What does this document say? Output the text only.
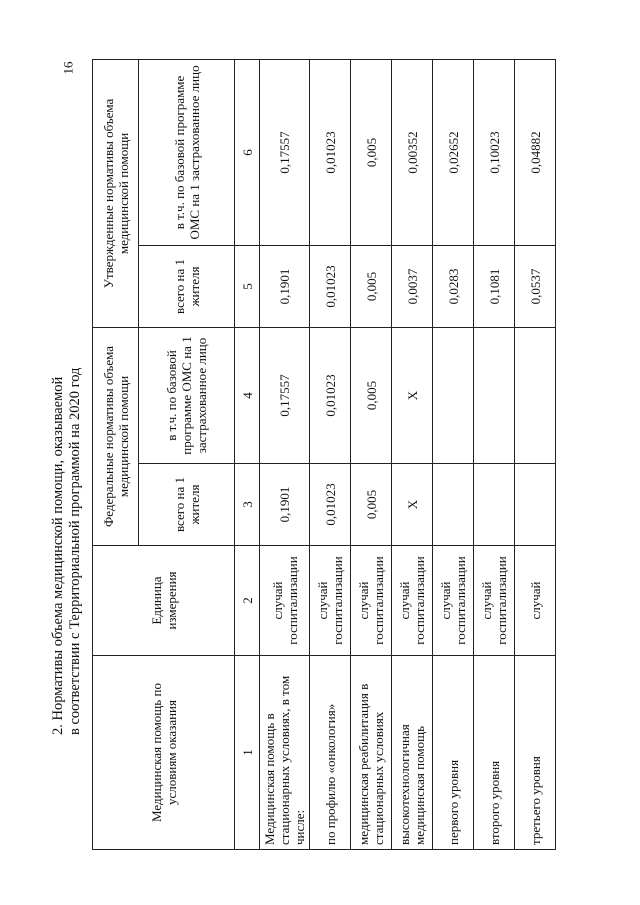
16
2. Нормативы объема медицинской помощи, оказываемой в соответствии с Территориальной программой на 2020 год
Медицинская помощь по условиям оказания	Единица измерения	Федеральные нормативы объема медицинской помощи		Утвержденные нормативы объема медицинской помощи	
		всего на 1 жителя	в т.ч. по базовой программе ОМС на 1 застрахованное лицо	всего на 1 жителя	в т.ч. по базовой программе ОМС на 1 застрахованное лицо
1	2	3	4	5	6
Медицинская помощь в стационарных условиях, в том числе:	случай госпитализации	0,1901	0,17557	0,1901	0,17557
по профилю «онкология»	случай госпитализации	0,01023	0,01023	0,01023	0,01023
медицинская реабилитация в стационарных условиях	случай госпитализации	0,005	0,005	0,005	0,005
высокотехнологичная медицинская помощь	случай госпитализации	Х	Х	0,0037	0,00352
первого уровня	случай госпитализации			0,0283	0,02652
второго уровня	случай госпитализации			0,1081	0,10023
третьего уровня	случай			0,0537	0,04882
